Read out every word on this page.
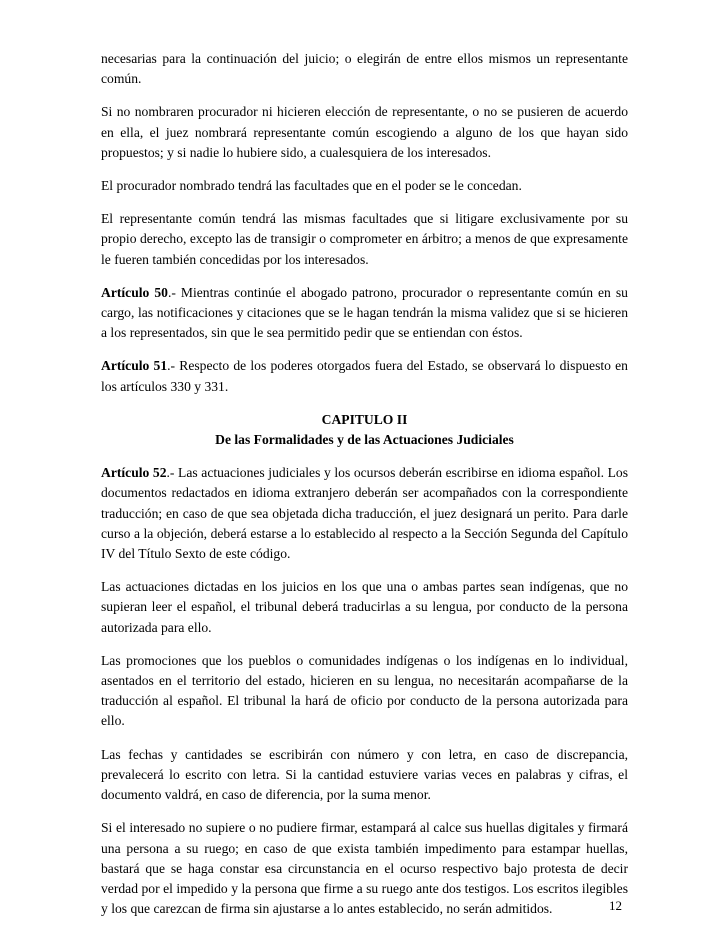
necesarias para la continuación del juicio; o elegirán de entre ellos mismos un representante común.

Si no nombraren procurador ni hicieren elección de representante, o no se pusieren de acuerdo en ella, el juez nombrará representante común escogiendo a alguno de los que hayan sido propuestos; y si nadie lo hubiere sido, a cualesquiera de los interesados.

El procurador nombrado tendrá las facultades que en el poder se le concedan.

El representante común tendrá las mismas facultades que si litigare exclusivamente por su propio derecho, excepto las de transigir o comprometer en árbitro; a menos de que expresamente le fueren también concedidas por los interesados.

Artículo 50.- Mientras continúe el abogado patrono, procurador o representante común en su cargo, las notificaciones y citaciones que se le hagan tendrán la misma validez que si se hicieren a los representados, sin que le sea permitido pedir que se entiendan con éstos.

Artículo 51.- Respecto de los poderes otorgados fuera del Estado, se observará lo dispuesto en los artículos 330 y 331.

CAPITULO II
De las Formalidades y de las Actuaciones Judiciales

Artículo 52.- Las actuaciones judiciales y los ocursos deberán escribirse en idioma español. Los documentos redactados en idioma extranjero deberán ser acompañados con la correspondiente traducción; en caso de que sea objetada dicha traducción, el juez designará un perito. Para darle curso a la objeción, deberá estarse a lo establecido al respecto a la Sección Segunda del Capítulo IV del Título Sexto de este código.

Las actuaciones dictadas en los juicios en los que una o ambas partes sean indígenas, que no supieran leer el español, el tribunal deberá traducirlas a su lengua, por conducto de la persona autorizada para ello.

Las promociones que los pueblos o comunidades indígenas o los indígenas en lo individual, asentados en el territorio del estado, hicieren en su lengua, no necesitarán acompañarse de la traducción al español. El tribunal la hará de oficio por conducto de la persona autorizada para ello.

Las fechas y cantidades se escribirán con número y con letra, en caso de discrepancia, prevalecerá lo escrito con letra. Si la cantidad estuviere varias veces en palabras y cifras, el documento valdrá, en caso de diferencia, por la suma menor.

Si el interesado no supiere o no pudiere firmar, estampará al calce sus huellas digitales y firmará una persona a su ruego; en caso de que exista también impedimento para estampar huellas, bastará que se haga constar esa circunstancia en el ocurso respectivo bajo protesta de decir verdad por el impedido y la persona que firme a su ruego ante dos testigos. Los escritos ilegibles y los que carezcan de firma sin ajustarse a lo antes establecido, no serán admitidos.	12
